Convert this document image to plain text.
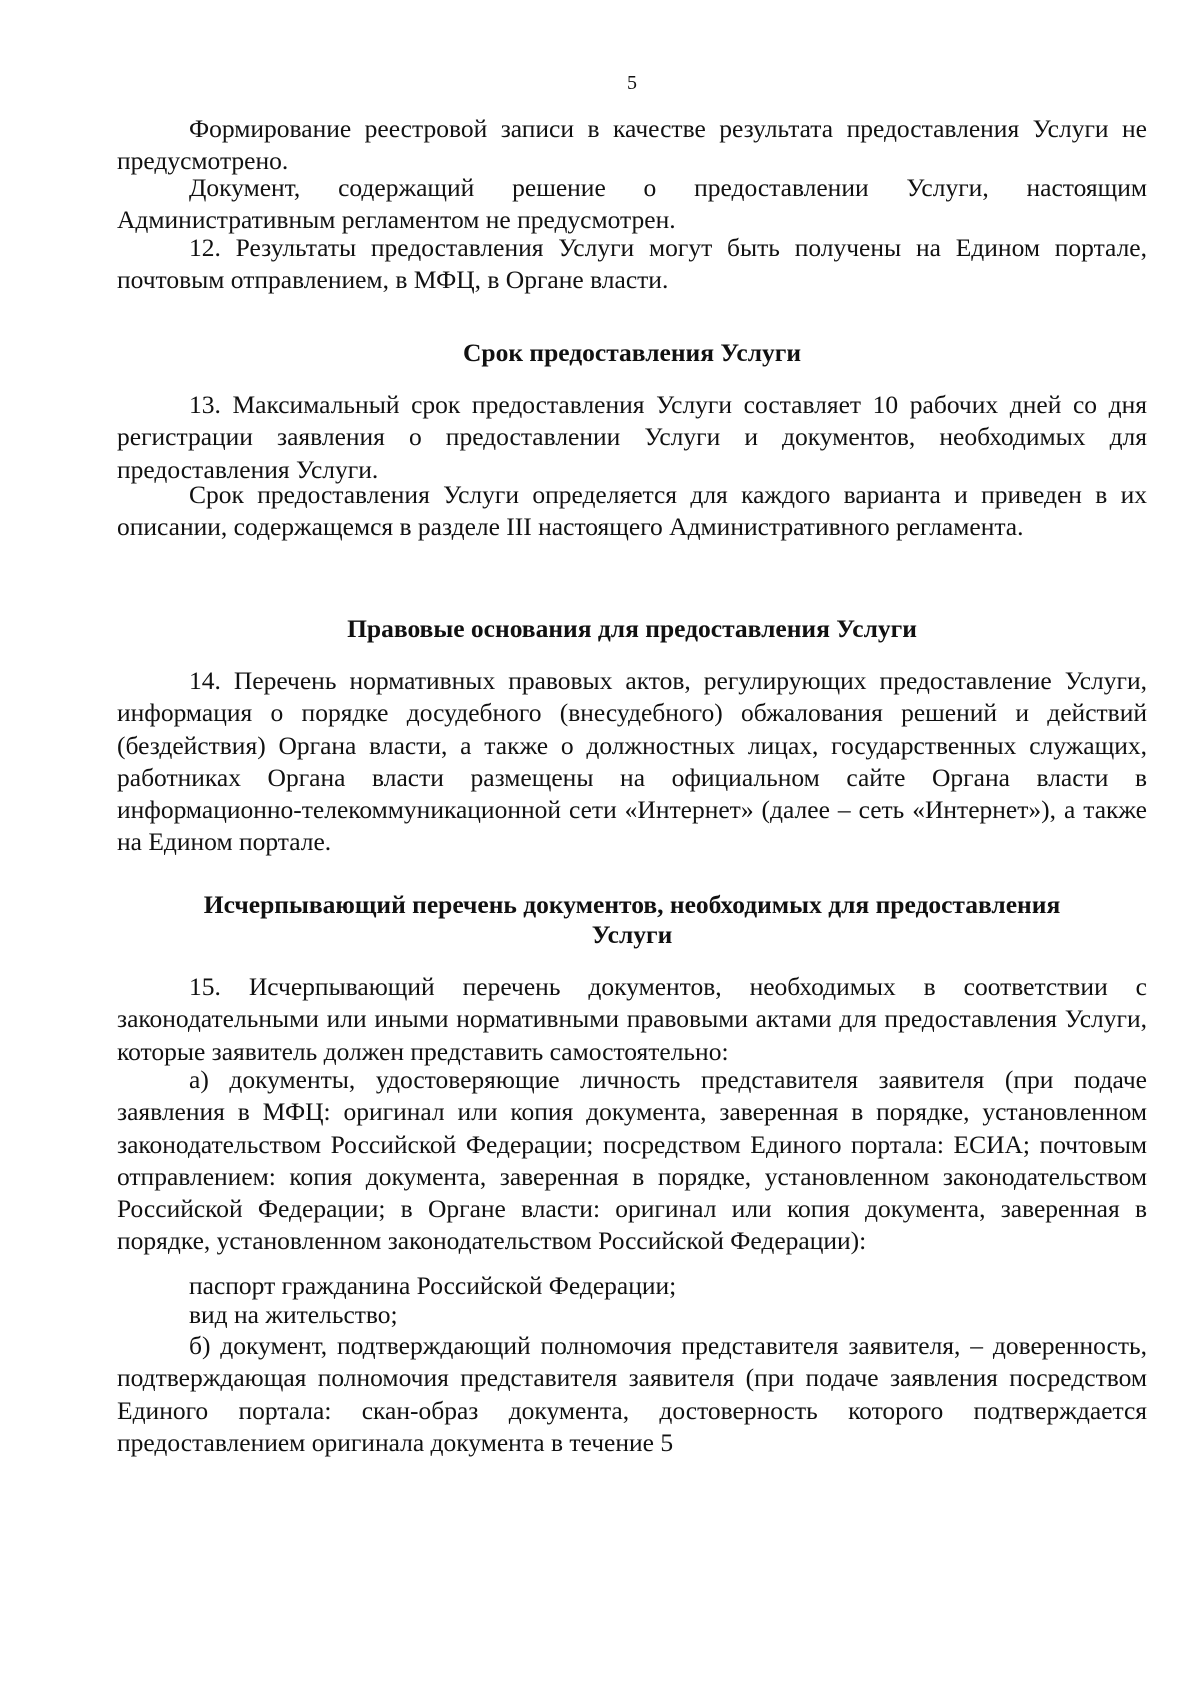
5

Формирование реестровой записи в качестве результата предоставления Услуги не предусмотрено.

Документ, содержащий решение о предоставлении Услуги, настоящим Административным регламентом не предусмотрен.

12. Результаты предоставления Услуги могут быть получены на Едином портале, почтовым отправлением, в МФЦ, в Органе власти.

Срок предоставления Услуги

13. Максимальный срок предоставления Услуги составляет 10 рабочих дней со дня регистрации заявления о предоставлении Услуги и документов, необходимых для предоставления Услуги.

Срок предоставления Услуги определяется для каждого варианта и приведен в их описании, содержащемся в разделе III настоящего Административного регламента.

Правовые основания для предоставления Услуги

14. Перечень нормативных правовых актов, регулирующих предоставление Услуги, информация о порядке досудебного (внесудебного) обжалования решений и действий (бездействия) Органа власти, а также о должностных лицах, государственных служащих, работниках Органа власти размещены на официальном сайте Органа власти в информационно-телекоммуникационной сети «Интернет» (далее – сеть «Интернет»), а также на Едином портале.

Исчерпывающий перечень документов, необходимых для предоставления
Услуги

15. Исчерпывающий перечень документов, необходимых в соответствии с законодательными или иными нормативными правовыми актами для предоставления Услуги, которые заявитель должен представить самостоятельно:

а) документы, удостоверяющие личность представителя заявителя (при подаче заявления в МФЦ: оригинал или копия документа, заверенная в порядке, установленном законодательством Российской Федерации; посредством Единого портала: ЕСИА; почтовым отправлением: копия документа, заверенная в порядке, установленном законодательством Российской Федерации; в Органе власти: оригинал или копия документа, заверенная в порядке, установленном законодательством Российской Федерации):

паспорт гражданина Российской Федерации;

вид на жительство;

б) документ, подтверждающий полномочия представителя заявителя, – доверенность, подтверждающая полномочия представителя заявителя (при подаче заявления посредством Единого портала: скан-образ документа, достоверность которого подтверждается предоставлением оригинала документа в течение 5
